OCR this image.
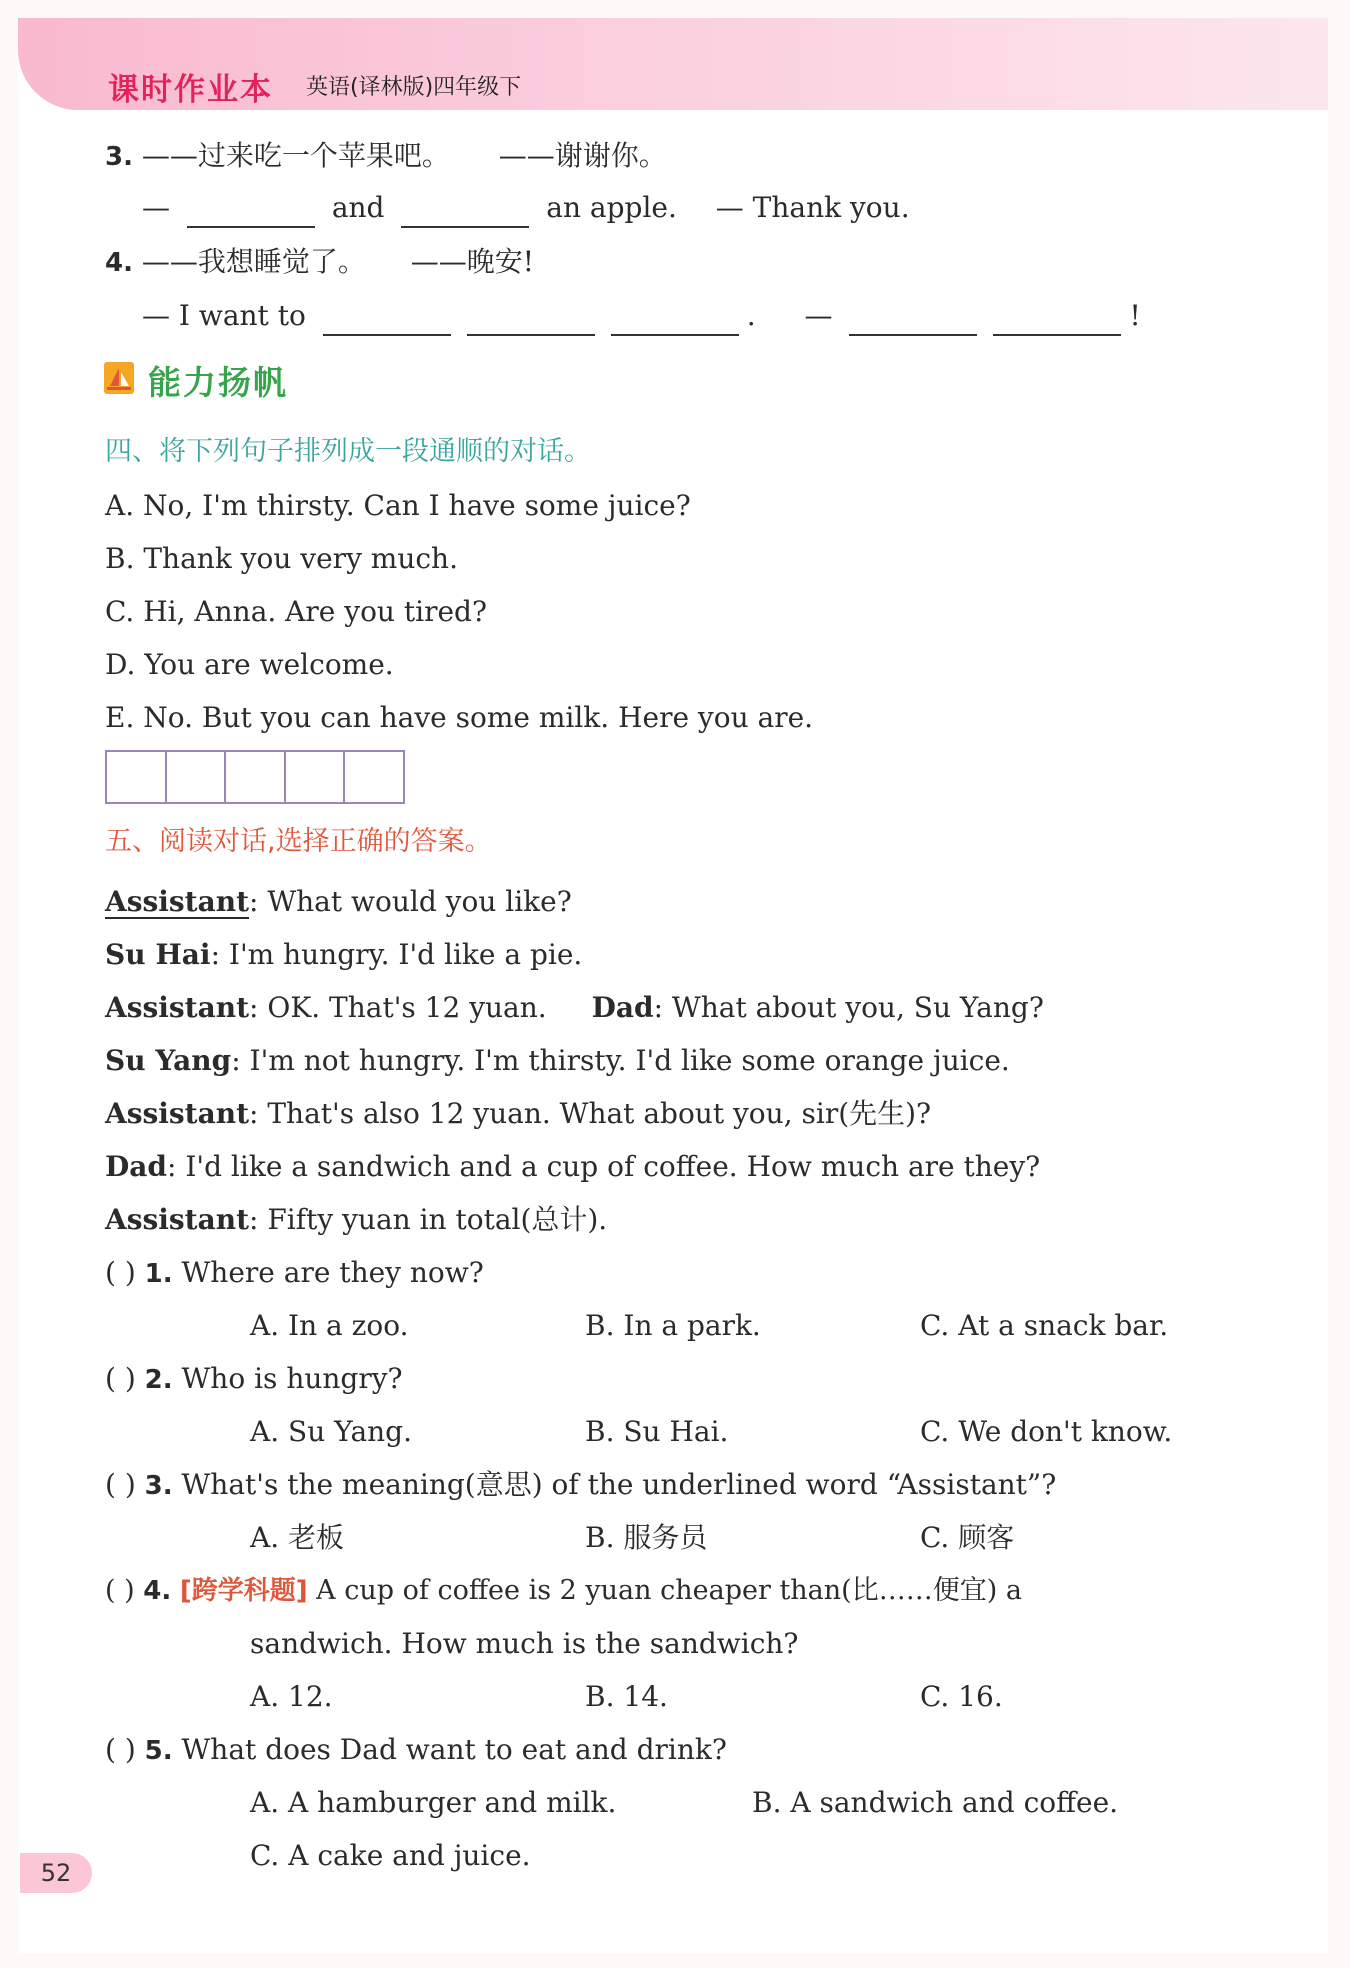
课时作业本 英语(译林版)四年级下
3. ——过来吃一个苹果吧。 ——谢谢你。
—	and	an apple. — Thank you.
4. ——我想睡觉了。 ——晚安!
— I want to	. —	!
能力扬帆
四、将下列句子排列成一段通顺的对话。
A. No, I'm thirsty. Can I have some juice?
B. Thank you very much.
C. Hi, Anna. Are you tired?
D. You are welcome.
E. No. But you can have some milk. Here you are.
五、阅读对话,选择正确的答案。
Assistant: What would you like?
Su Hai: I'm hungry. I'd like a pie.
Assistant: OK. That's 12 yuan. Dad: What about you, Su Yang?
Su Yang: I'm not hungry. I'm thirsty. I'd like some orange juice.
Assistant: That's also 12 yuan. What about you, sir(先生)?
Dad: I'd like a sandwich and a cup of coffee. How much are they?
Assistant: Fifty yuan in total(总计).
( ) 1. Where are they now?
A. In a zoo.	B. In a park.	C. At a snack bar.
( ) 2. Who is hungry?
A. Su Yang.	B. Su Hai.	C. We don't know.
( ) 3. What's the meaning(意思) of the underlined word “Assistant”?
A. 老板	B. 服务员	C. 顾客
( ) 4. [跨学科题] A cup of coffee is 2 yuan cheaper than(比……便宜) a
sandwich. How much is the sandwich?
A. 12.	B. 14.	C. 16.
( ) 5. What does Dad want to eat and drink?
A. A hamburger and milk.	B. A sandwich and coffee.
C. A cake and juice.
52
